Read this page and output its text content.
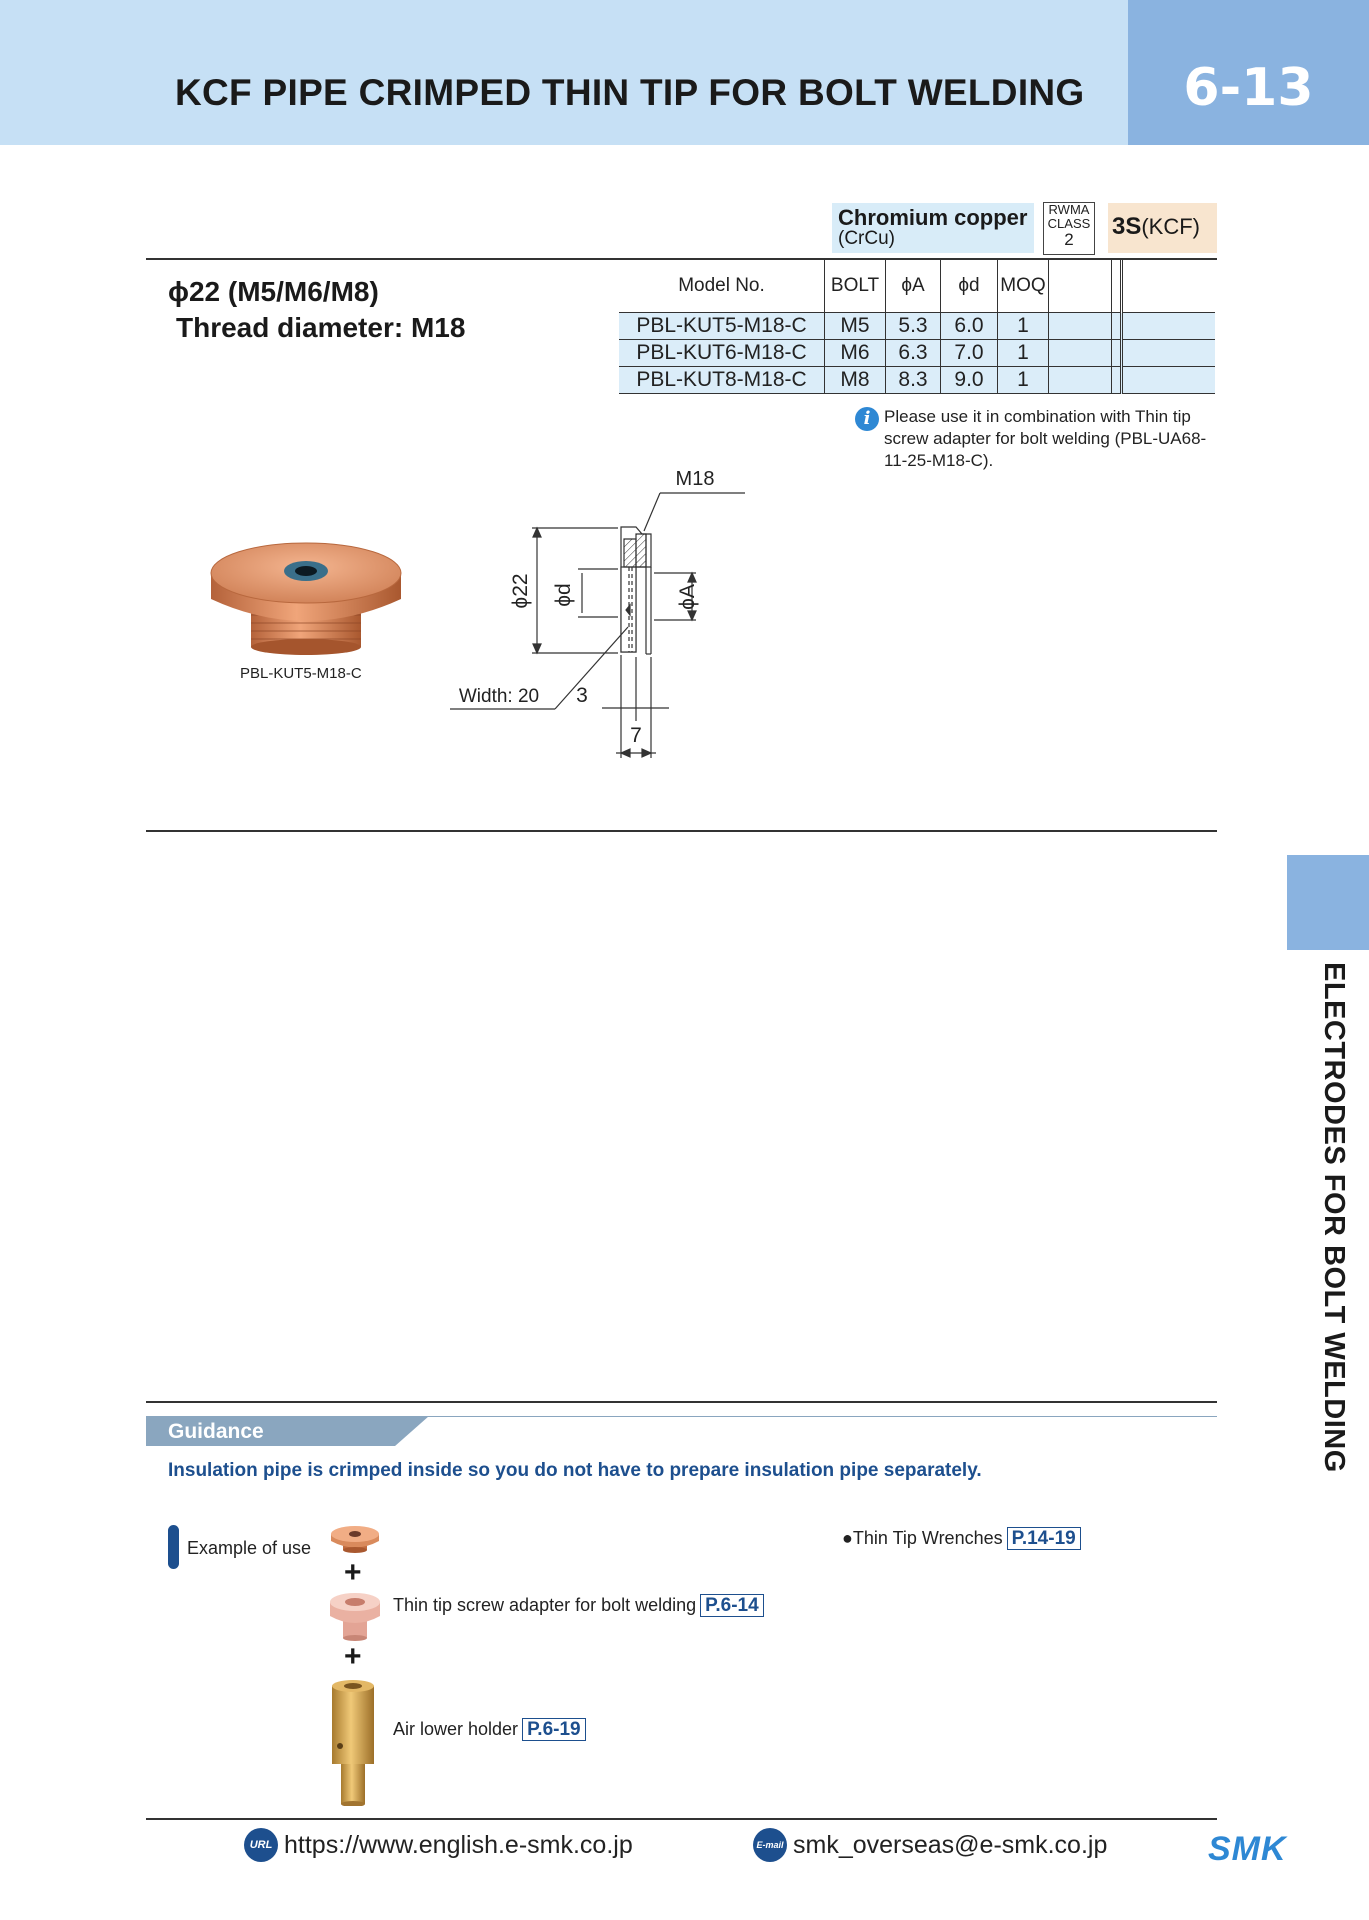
KCF PIPE CRIMPED THIN TIP FOR BOLT WELDING	6-13
ELECTRODES FOR BOLT WELDING
Chromium copper
(CrCu)
RWMA
CLASS
2	3S(KCF)
ϕ22 (M5/M6/M8)
Thread diameter: M18
Model No.	BOLT	ϕA	ϕd	MOQ			
PBL-KUT5-M18-C	M5	5.3	6.0	1			
PBL-KUT6-M18-C	M6	6.3	7.0	1			
PBL-KUT8-M18-C	M8	8.3	9.0	1			
i Please use it in combination with Thin tip screw adapter for bolt welding (PBL-UA68-11-25-M18-C).
PBL-KUT5-M18-C
M18
ϕ22 ϕd	ϕA
Width: 20 3
7
Guidance
Insulation pipe is crimped inside so you do not have to prepare insulation pipe separately.
Example of use
+
Thin tip screw adapter for bolt welding P.6-14
+
Air lower holder P.6-19
●Thin Tip Wrenches P.14-19
URL https://www.english.e-smk.co.jp	E-mail smk_overseas@e-smk.co.jp	SMK
